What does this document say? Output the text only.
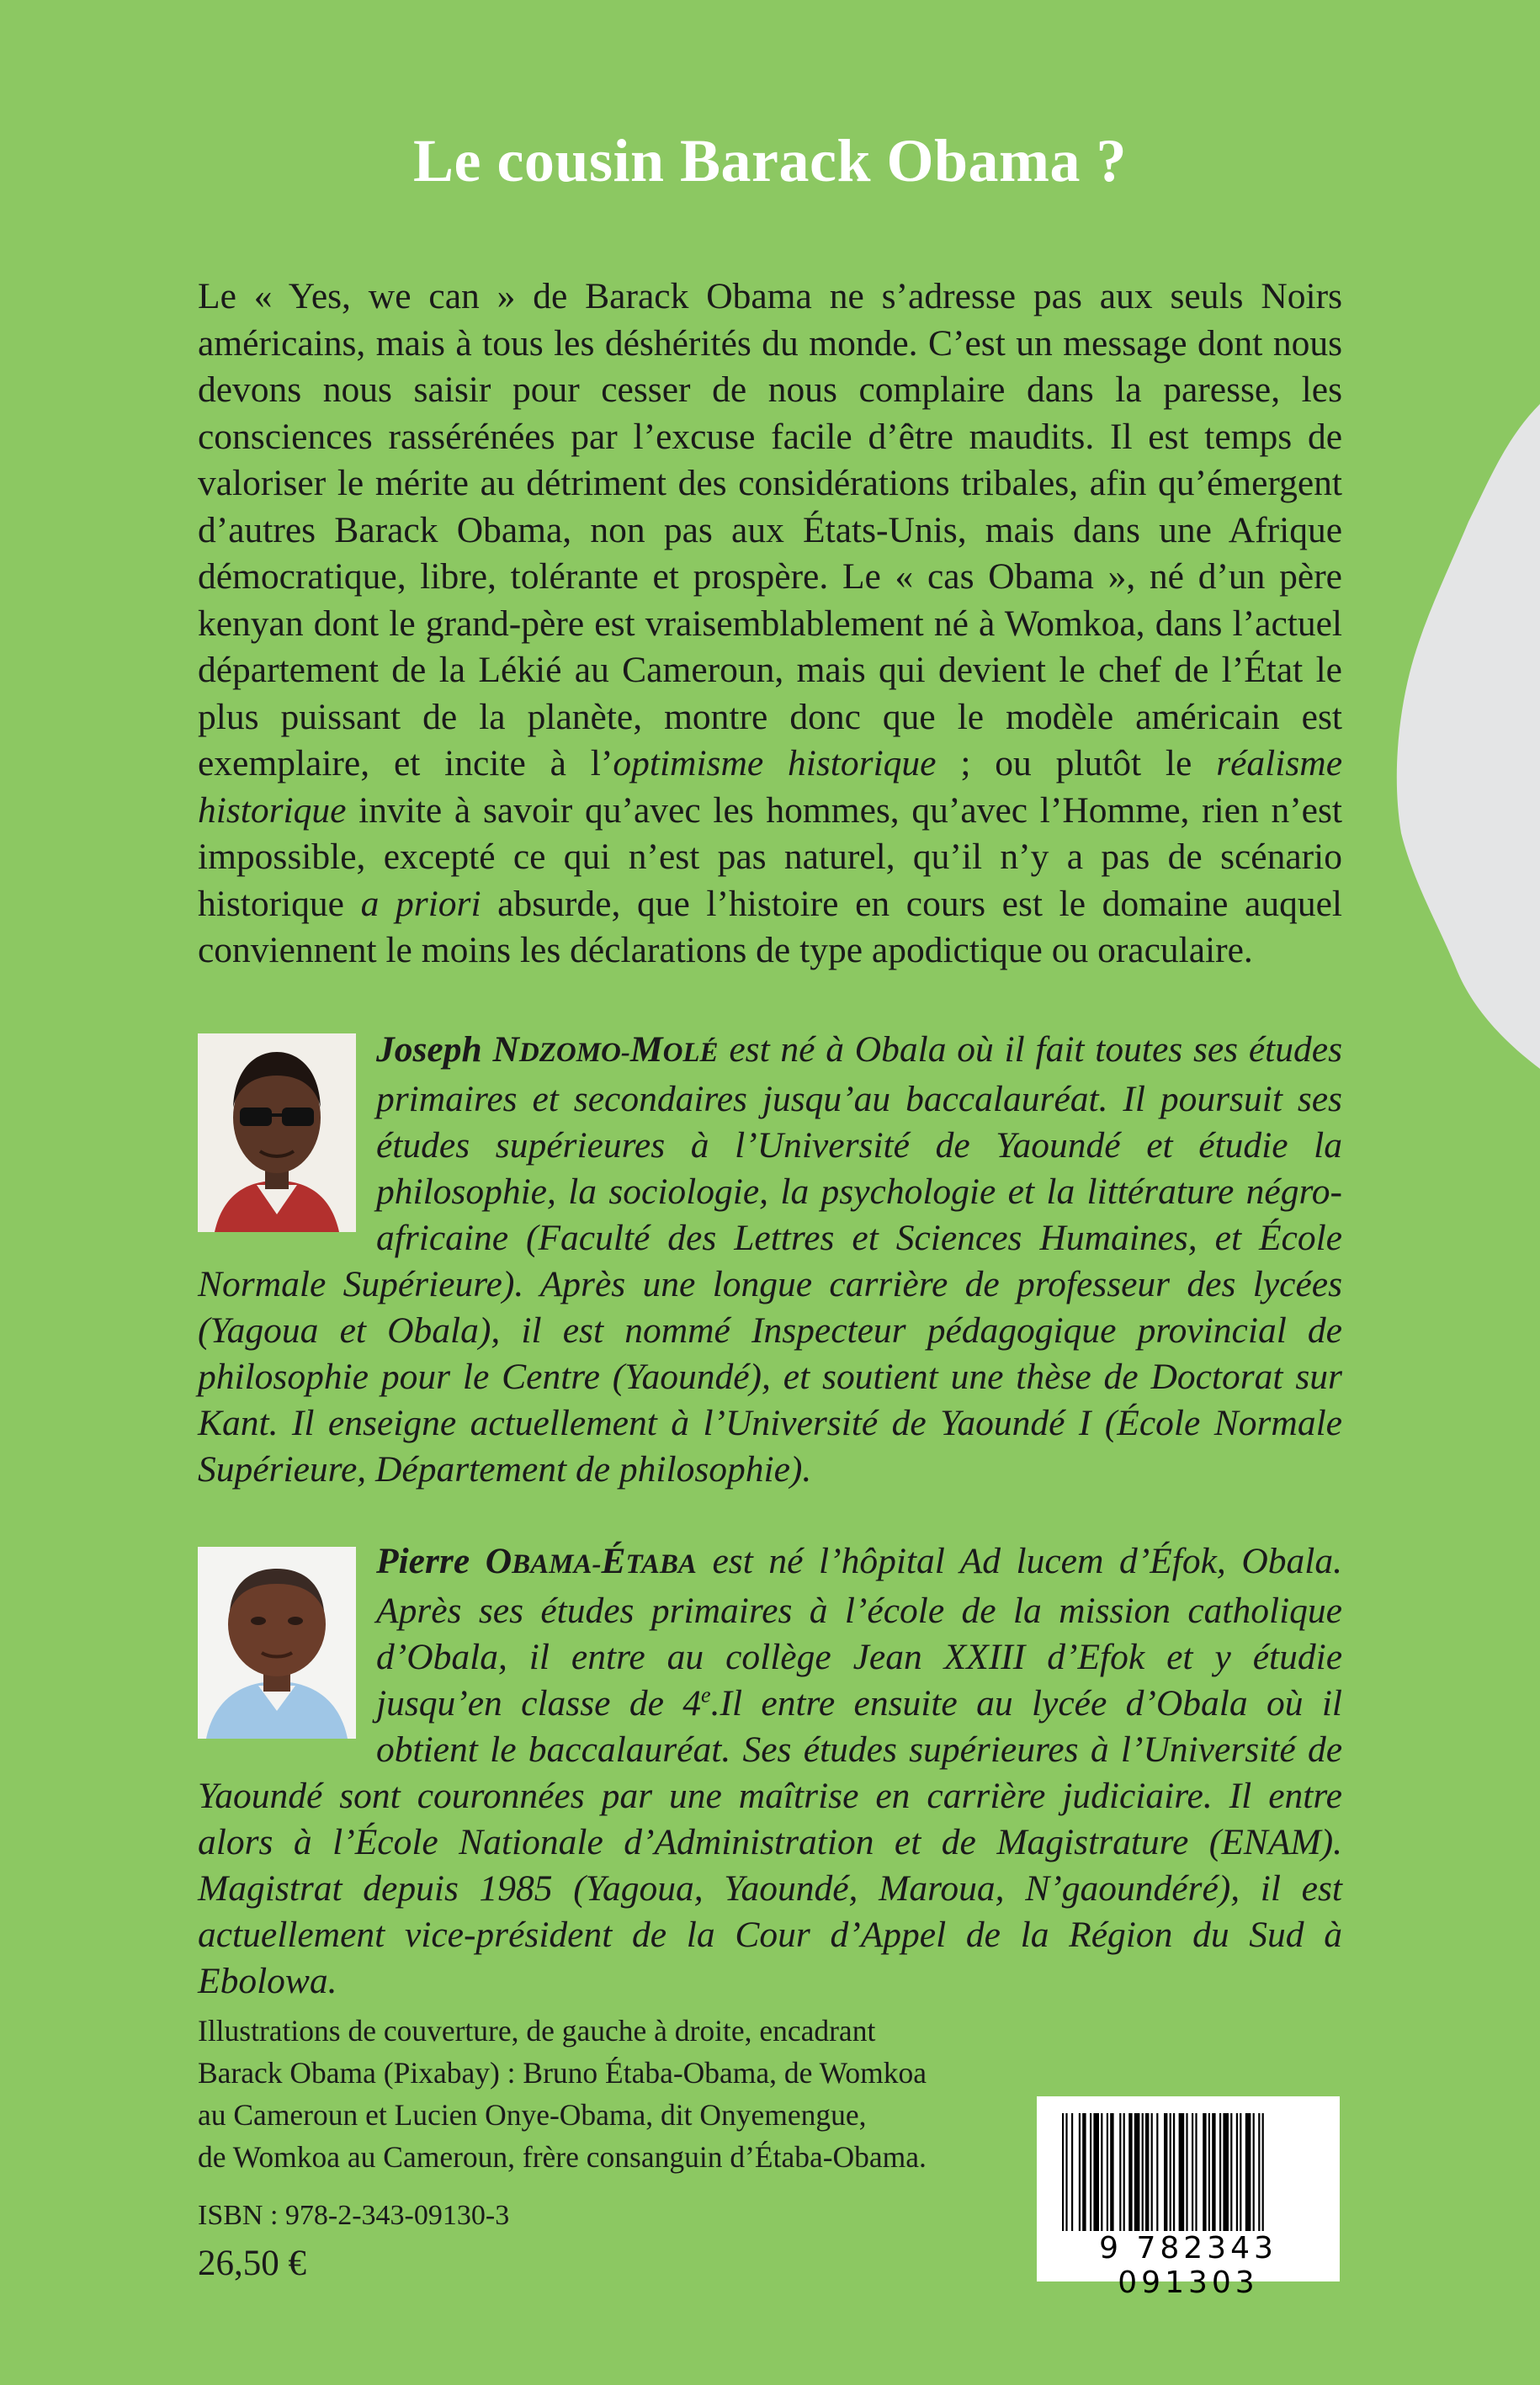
Le cousin Barack Obama ?

Le « Yes, we can » de Barack Obama ne s’adresse pas aux seuls Noirs américains, mais à tous les déshérités du monde. C’est un message dont nous devons nous saisir pour cesser de nous complaire dans la paresse, les consciences rassérénées par l’excuse facile d’être maudits. Il est temps de valoriser le mérite au détriment des considérations tribales, afin qu’émergent d’autres Barack Obama, non pas aux États-Unis, mais dans une Afrique démocratique, libre, tolérante et prospère. Le « cas Obama », né d’un père kenyan dont le grand-père est vraisemblablement né à Womkoa, dans l’actuel département de la Lékié au Cameroun, mais qui devient le chef de l’État le plus puissant de la planète, montre donc que le modèle américain est exemplaire, et incite à l’optimisme historique ; ou plutôt le réalisme historique invite à savoir qu’avec les hommes, qu’avec l’Homme, rien n’est impossible, excepté ce qui n’est pas naturel, qu’il n’y a pas de scénario historique a priori absurde, que l’histoire en cours est le domaine auquel conviennent le moins les déclarations de type apodictique ou oraculaire.

Joseph NDZOMO-MOLÉ est né à Obala où il fait toutes ses études primaires et secondaires jusqu’au baccalauréat. Il poursuit ses études supérieures à l’Université de Yaoundé et étudie la philosophie, la sociologie, la psychologie et la littérature négro-africaine (Faculté des Lettres et Sciences Humaines, et École Normale Supérieure). Après une longue carrière de professeur des lycées (Yagoua et Obala), il est nommé Inspecteur pédagogique provincial de philosophie pour le Centre (Yaoundé), et soutient une thèse de Doctorat sur Kant. Il enseigne actuellement à l’Université de Yaoundé I (École Normale Supérieure, Département de philosophie).

Pierre OBAMA-ÉTABA est né l’hôpital Ad lucem d’Éfok, Obala. Après ses études primaires à l’école de la mission catholique d’Obala, il entre au collège Jean XXIII d’Efok et y étudie jusqu’en classe de 4e.Il entre ensuite au lycée d’Obala où il obtient le baccalauréat. Ses études supérieures à l’Université de Yaoundé sont couronnées par une maîtrise en carrière judiciaire. Il entre alors à l’École Nationale d’Administration et de Magistrature (ENAM). Magistrat depuis 1985 (Yagoua, Yaoundé, Maroua, N’gaoundéré), il est actuellement vice-président de la Cour d’Appel de la Région du Sud à Ebolowa.

Illustrations de couverture, de gauche à droite, encadrant

Barack Obama (Pixabay) : Bruno Étaba-Obama, de Womkoa

au Cameroun et Lucien Onye-Obama, dit Onyemengue,

de Womkoa au Cameroun, frère consanguin d’Étaba-Obama.

ISBN : 978-2-343-09130-3
26,50 €	9 782343 091303
